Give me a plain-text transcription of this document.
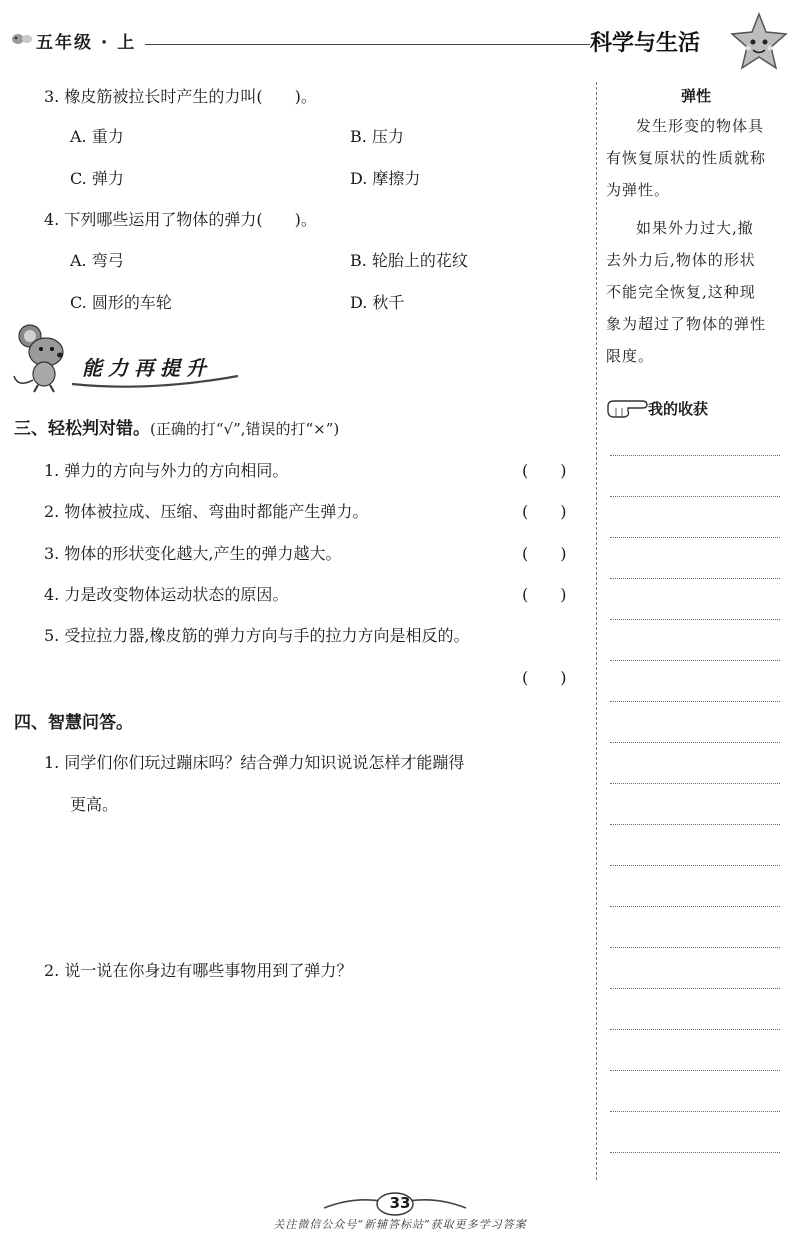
五年级 · 上	科学与生活
3. 橡皮筋被拉长时产生的力叫(　　)。
A. 重力	B. 压力
C. 弹力	D. 摩擦力
4. 下列哪些运用了物体的弹力(　　)。
A. 弯弓	B. 轮胎上的花纹
C. 圆形的车轮	D. 秋千
能力再提升
三、轻松判对错。(正确的打“√”,错误的打“×”)
1. 弹力的方向与外力的方向相同。	(　　)
2. 物体被拉成、压缩、弯曲时都能产生弹力。	(　　)
3. 物体的形状变化越大,产生的弹力越大。	(　　)
4. 力是改变物体运动状态的原因。	(　　)
5. 受拉拉力器,橡皮筋的弹力方向与手的拉力方向是相反的。
(　　)
四、智慧问答。
1. 同学们你们玩过蹦床吗？结合弹力知识说说怎样才能蹦得
更高。
2. 说一说在你身边有哪些事物用到了弹力？
弹性
发生形变的物体具
有恢复原状的性质就称
为弹性。
如果外力过大,撤
去外力后,物体的形状
不能完全恢复,这种现
象为超过了物体的弹性
限度。
我的收获
33
关注微信公众号“新辅答标站”获取更多学习答案
